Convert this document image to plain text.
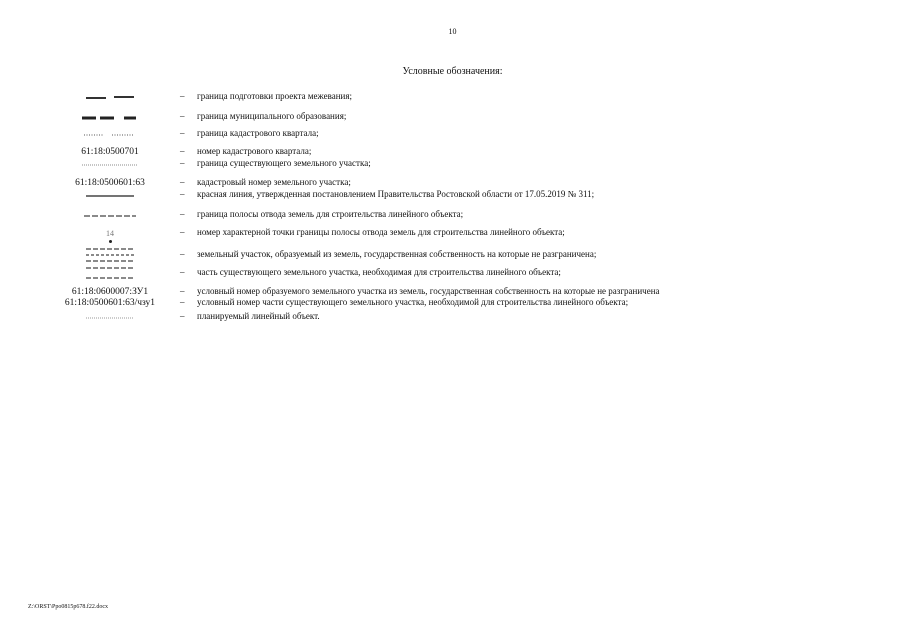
10
Условные обозначения:
– граница подготовки проекта межевания;
– граница муниципального образования;
– граница кадастрового квартала;
61:18:0500701	– номер кадастрового квартала;
– граница существующего земельного участка;
61:18:0500601:63	– кадастровый номер земельного участка;
– красная линия, утвержденная постановлением Правительства Ростовской области от 17.05.2019 № 311;
– граница полосы отвода земель для строительства линейного объекта;
14	– номер характерной точки границы полосы отвода земель для строительства линейного объекта;
– земельный участок, образуемый из земель, государственная собственность на которые не разграничена;
– часть существующего земельного участка, необходимая для строительства линейного объекта;
61:18:0600007:ЗУ1	– условный номер образуемого земельного участка из земель, государственная собственность на которые не разграничена
61:18:0500601:63/чзу1	– условный номер части существующего земельного участка, необходимой для строительства линейного объекта;
– планируемый линейный объект.
Z:\ORST\Ppo0815p678.f22.docx
